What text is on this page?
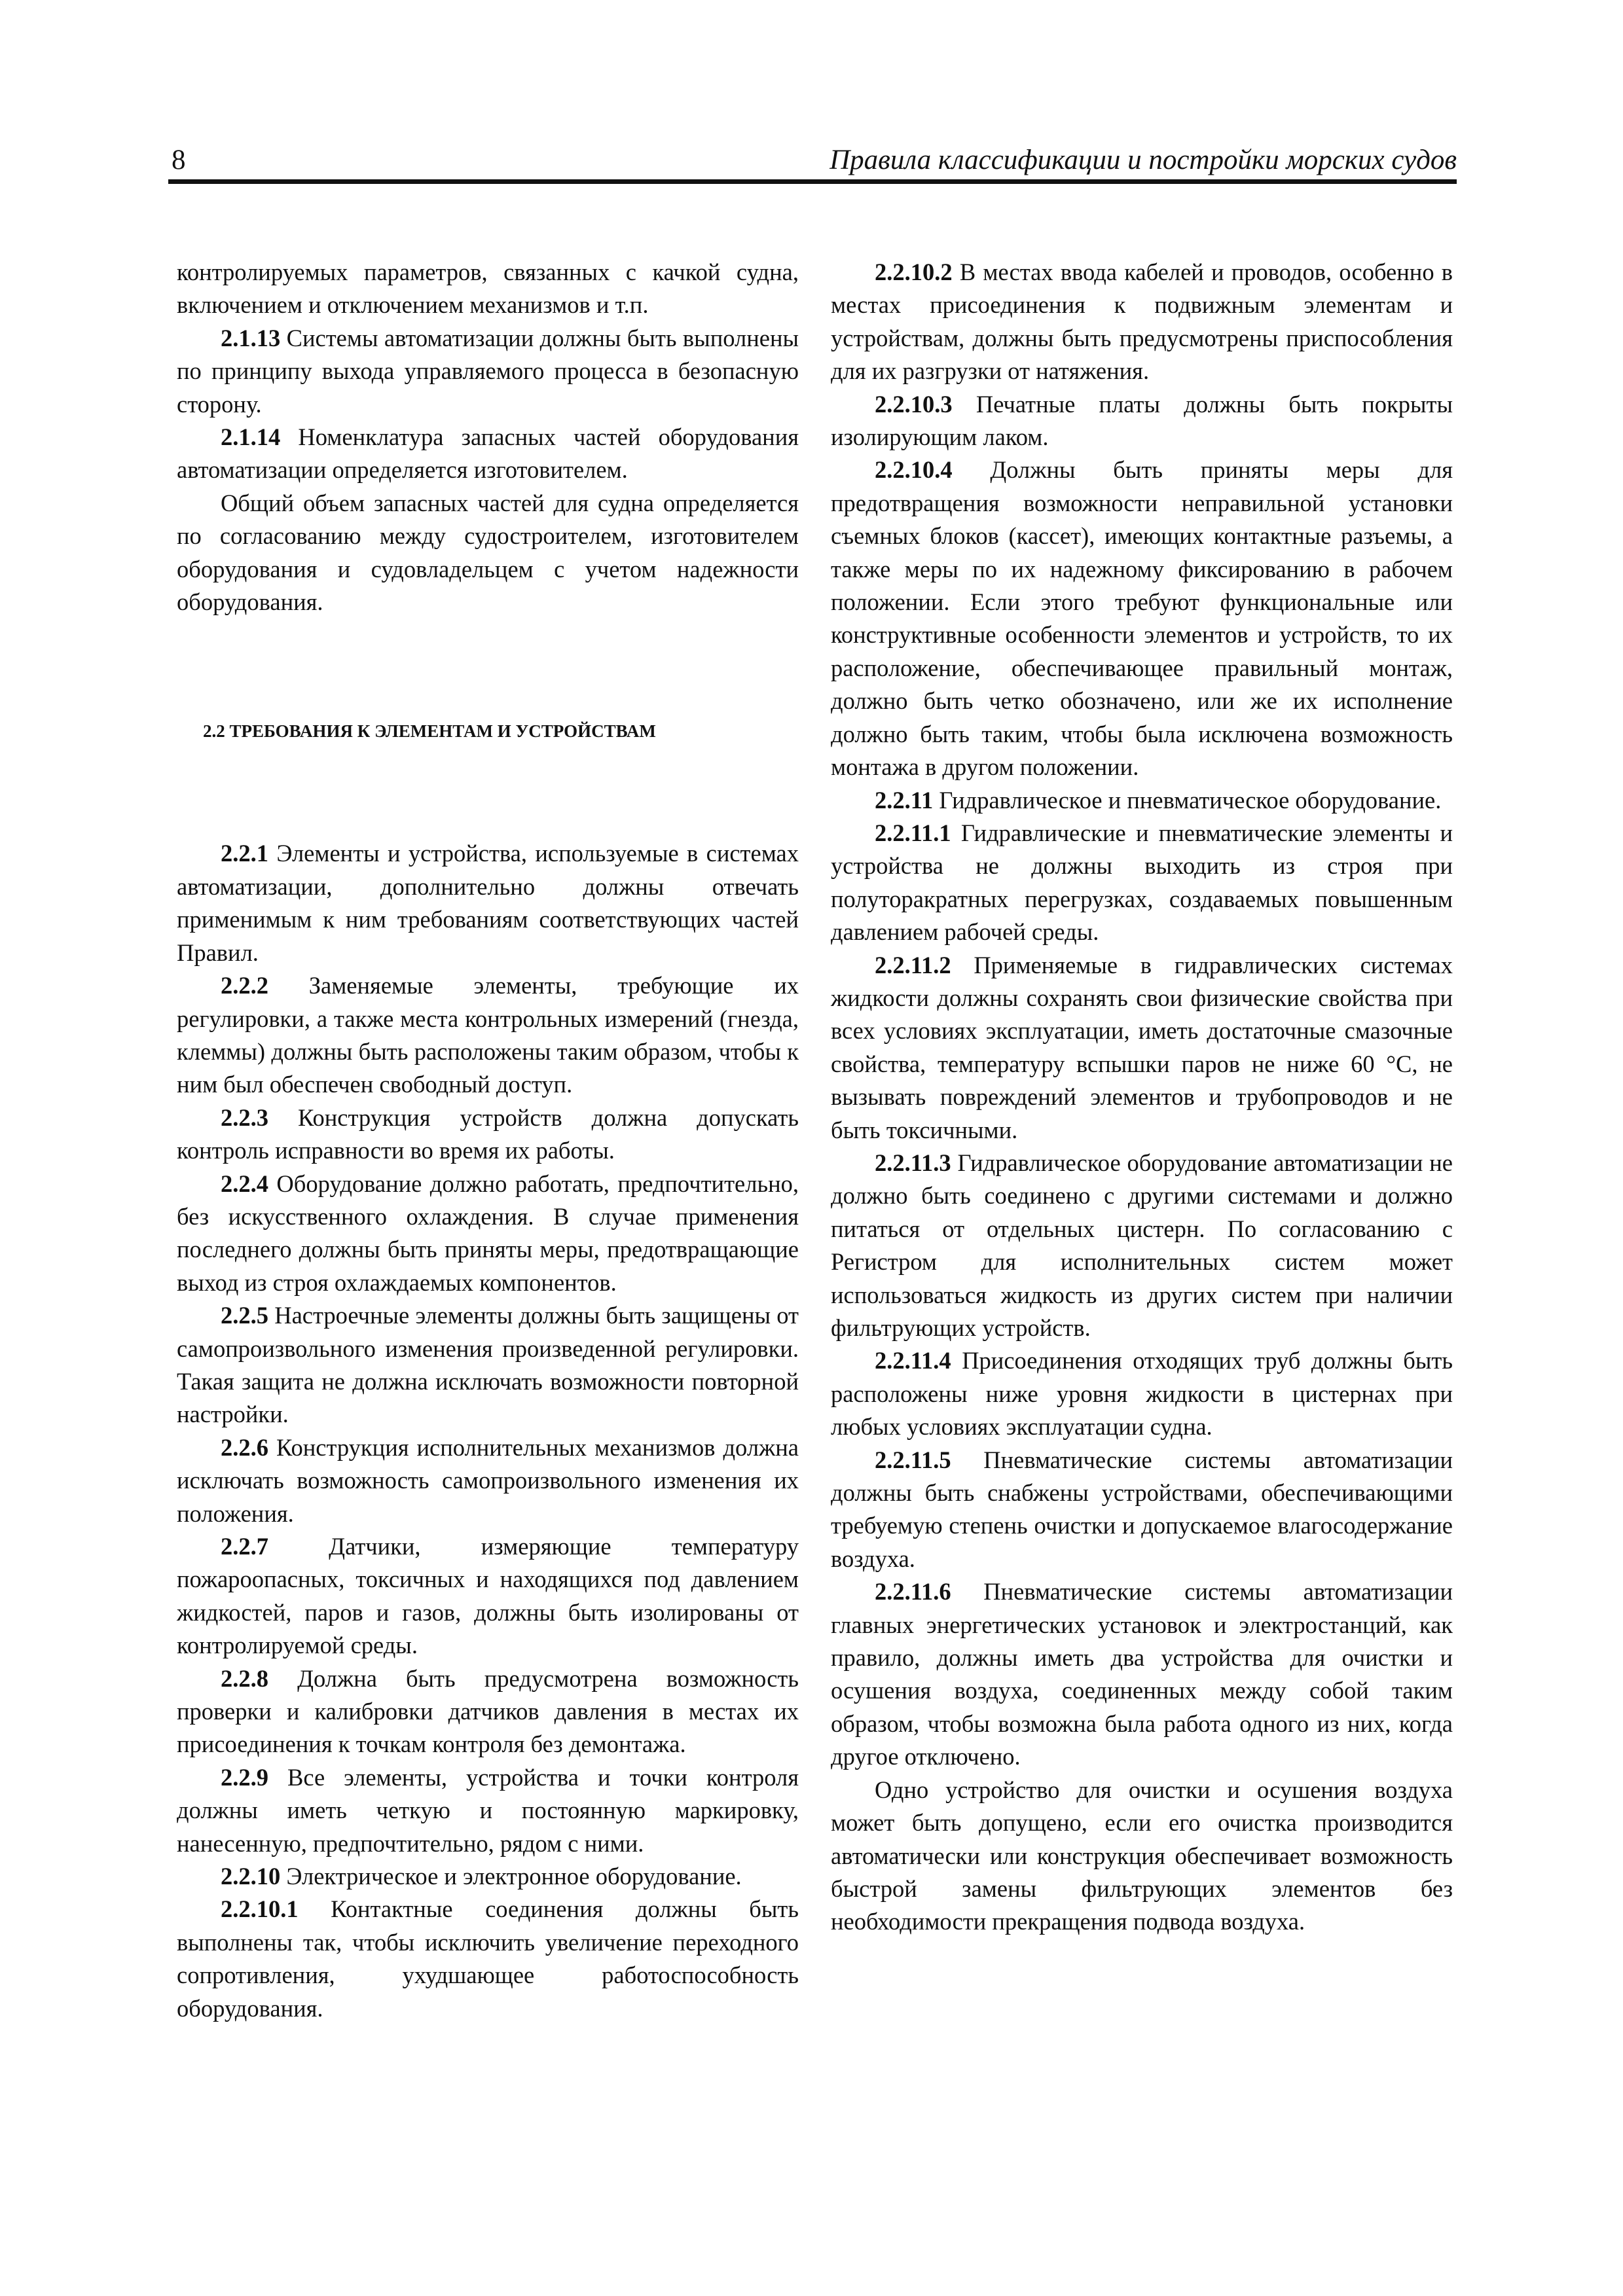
8	Правила классификации и постройки морских судов

контролируемых параметров, связанных с качкой судна, включением и отключением механизмов и т.п.

2.1.13 Системы автоматизации должны быть выполнены по принципу выхода управляемого процесса в безопасную сторону.

2.1.14 Номенклатура запасных частей оборудования автоматизации определяется изготовителем.

Общий объем запасных частей для судна определяется по согласованию между судостроителем, изготовителем оборудования и судовладельцем с учетом надежности оборудования.

2.2 ТРЕБОВАНИЯ К ЭЛЕМЕНТАМ И УСТРОЙСТВАМ

2.2.1 Элементы и устройства, используемые в системах автоматизации, дополнительно должны отвечать применимым к ним требованиям соответствующих частей Правил.

2.2.2 Заменяемые элементы, требующие их регулировки, а также места контрольных измерений (гнезда, клеммы) должны быть расположены таким образом, чтобы к ним был обеспечен свободный доступ.

2.2.3 Конструкция устройств должна допускать контроль исправности во время их работы.

2.2.4 Оборудование должно работать, предпочтительно, без искусственного охлаждения. В случае применения последнего должны быть приняты меры, предотвращающие выход из строя охлаждаемых компонентов.

2.2.5 Настроечные элементы должны быть защищены от самопроизвольного изменения произведенной регулировки. Такая защита не должна исключать возможности повторной настройки.

2.2.6 Конструкция исполнительных механизмов должна исключать возможность самопроизвольного изменения их положения.

2.2.7	Датчики, измеряющие температуру пожароопасных, токсичных и находящихся под давлением жидкостей, паров и газов, должны быть изолированы от контролируемой среды.

2.2.8 Должна быть предусмотрена возможность проверки и калибровки датчиков давления в местах их присоединения к точкам контроля без демонтажа.

2.2.9 Все элементы, устройства и точки контроля должны иметь четкую и постоянную маркировку, нанесенную, предпочтительно, рядом с ними.

2.2.10 Электрическое и электронное оборудование.

2.2.10.1 Контактные соединения должны быть выполнены так, чтобы исключить увеличение переходного сопротивления, ухудшающее работоспособность оборудования.

2.2.10.2 В местах ввода кабелей и проводов, особенно в местах присоединения к подвижным элементам и устройствам, должны быть предусмотрены приспособления для их разгрузки от натяжения.

2.2.10.3 Печатные платы должны быть покрыты изолирующим лаком.

2.2.10.4 Должны быть приняты меры для предотвращения возможности неправильной установки съемных блоков (кассет), имеющих контактные разъемы, а также меры по их надежному фиксированию в рабочем положении. Если этого требуют функциональные или конструктивные особенности элементов и устройств, то их расположение, обеспечивающее правильный монтаж, должно быть четко обозначено, или же их исполнение должно быть таким, чтобы была исключена возможность монтажа в другом положении.

2.2.11 Гидравлическое и пневматическое оборудование.

2.2.11.1 Гидравлические и пневматические элементы и устройства не должны выходить из строя при полуторакратных перегрузках, создаваемых повышенным давлением рабочей среды.

2.2.11.2 Применяемые в гидравлических системах жидкости должны сохранять свои физические свойства при всех условиях эксплуатации, иметь достаточные смазочные свойства, температуру вспышки паров не ниже 60 °С, не вызывать повреждений элементов и трубопроводов и не быть токсичными.

2.2.11.3 Гидравлическое оборудование автоматизации не должно быть соединено с другими системами и должно питаться от отдельных цистерн. По согласованию с Регистром для исполнительных систем может использоваться жидкость из других систем при наличии фильтрующих устройств.

2.2.11.4 Присоединения отходящих труб должны быть расположены ниже уровня жидкости в цистернах при любых условиях эксплуатации судна.

2.2.11.5 Пневматические системы автоматизации должны быть снабжены устройствами, обеспечивающими требуемую степень очистки и допускаемое влагосодержание воздуха.

2.2.11.6 Пневматические системы автоматизации главных энергетических установок и электростанций, как правило, должны иметь два устройства для очистки и осушения воздуха, соединенных между собой таким образом, чтобы возможна была работа одного из них, когда другое отключено.

Одно устройство для очистки и осушения воздуха может быть допущено, если его очистка производится автоматически или конструкция обеспечивает возможность быстрой замены фильтрующих элементов без необходимости прекращения подвода воздуха.
